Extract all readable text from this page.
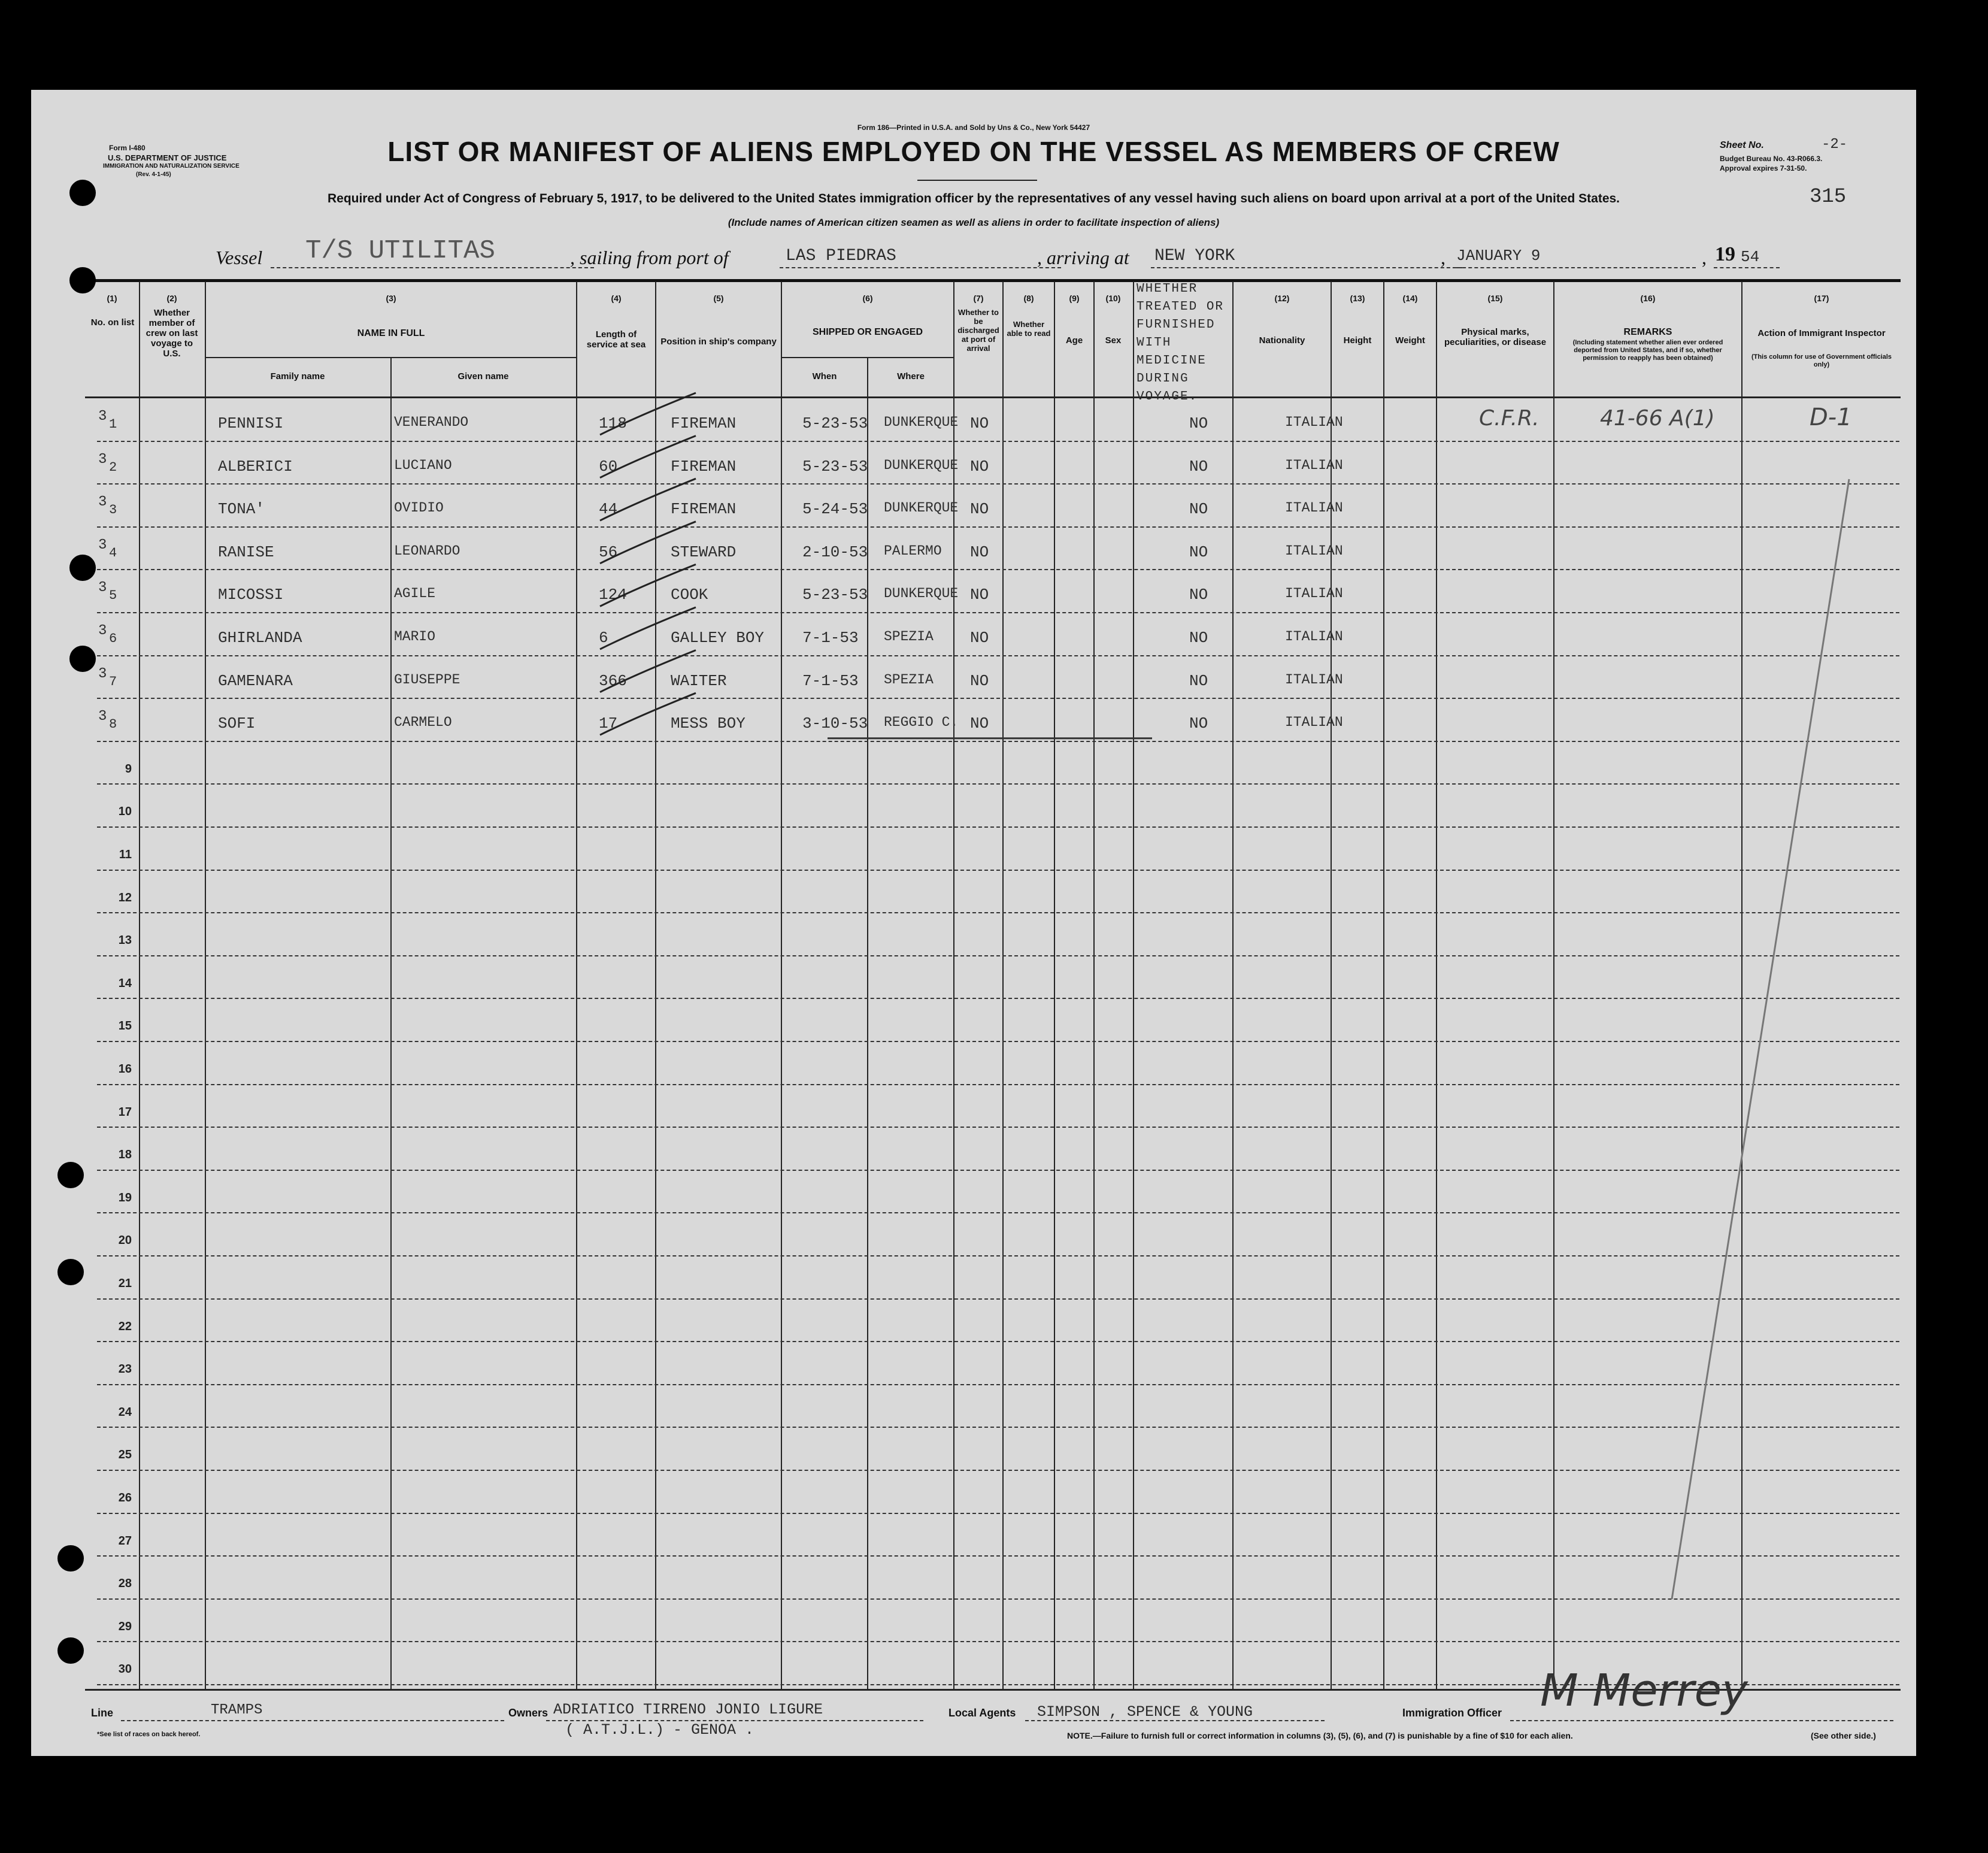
Form I-480
U.S. DEPARTMENT OF JUSTICE
IMMIGRATION AND NATURALIZATION SERVICE
(Rev. 4-1-45)
Form 186—Printed in U.S.A. and Sold by Uns & Co., New York 54427
LIST OR MANIFEST OF ALIENS EMPLOYED ON THE VESSEL AS MEMBERS OF CREW
Required under Act of Congress of February 5, 1917, to be delivered to the United States immigration officer by the representatives of any vessel having such aliens on board upon arrival at a port of the United States.
(Include names of American citizen seamen as well as aliens in order to facilitate inspection of aliens)
Sheet No.	-2-
Budget Bureau No. 43-R066.3.
Approval expires 7-31-50.
315
Vessel T/S UTILITAS	, sailing from port of	LAS PIEDRAS	, arriving at NEW YORK	, JANUARY 9	, 19 54
(1)
No. on list
(2)
Whether member of crew on last voyage to U.S.
(3)
NAME IN FULL
Family name	Given name
(4)
Length of service at sea
(5)
Position in ship's company
(6)
SHIPPED OR ENGAGED
When	Where
(7)
Whether to be discharged at port of arrival
(8)
Whether able to read
(9)
Age
(10)
Sex
WHETHER TREATED OR FURNISHED WITH MEDICINE DURING VOYAGE.
(12)
Nationality
(13)
Height
(14)
Weight
(15)
Physical marks, peculiarities, or disease
(16)
REMARKS
(Including statement whether alien ever ordered deported from United States, and if so, whether permission to reapply has been obtained)
(17)
Action of Immigrant Inspector
(This column for use of Government officials only)
3 1	PENNISI	VENERANDO	118	FIREMAN	5-23-53 DUNKERQUE NO	NO	ITALIAN	C.F.R.	41-66 A(1)	D-1
3 2	ALBERICI	LUCIANO	60	FIREMAN	5-23-53 DUNKERQUE NO	NO	ITALIAN
3 3	TONA'	OVIDIO	44	FIREMAN	5-24-53 DUNKERQUE NO	NO	ITALIAN
3 4	RANISE	LEONARDO	56	STEWARD	2-10-53 PALERMO NO	NO	ITALIAN
3 5	MICOSSI	AGILE	124	COOK	5-23-53 DUNKERQUE NO	NO	ITALIAN
3 6	GHIRLANDA	MARIO	6	GALLEY BOY 7-1-53 SPEZIA NO	NO	ITALIAN
3 7	GAMENARA	GIUSEPPE	366	WAITER	7-1-53 SPEZIA NO	NO	ITALIAN
3 8	SOFI	CARMELO	17	MESS BOY	3-10-53 REGGIO C. NO	NO	ITALIAN
9
10
11
12
13
14
15
16
17
18
19
20
21
22
23
24
25
26
27
28
29
30
Line	TRAMPS
*See list of races on back hereof.
Owners ADRIATICO TIRRENO JONIO LIGURE
( A.T.J.L.) - GENOA .
Local Agents SIMPSON , SPENCE & YOUNG	Immigration Officer M Merrey
NOTE.—Failure to furnish full or correct information in columns (3), (5), (6), and (7) is punishable by a fine of $10 for each alien.	(See other side.)
